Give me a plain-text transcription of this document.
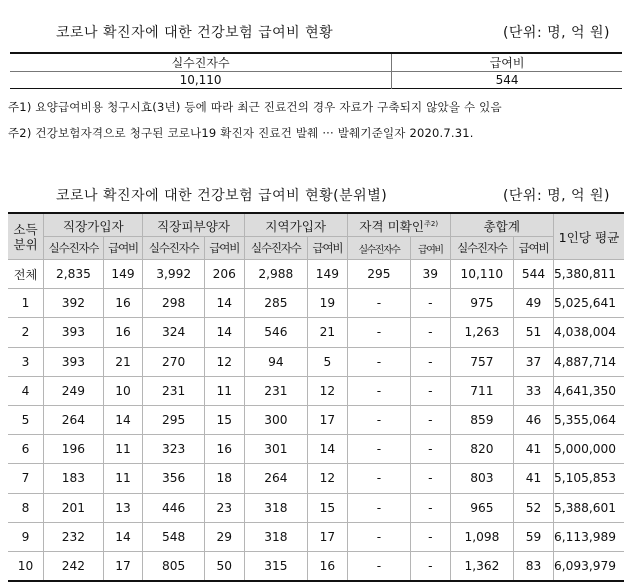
코로나 확진자에 대한 건강보험 급여비 현황	(단위: 명, 억 원)
실수진자수	급여비
10,110	544
주1) 요양급여비용 청구시효(3년) 등에 따라 최근 진료건의 경우 자료가 구축되지 않았을 수 있음
주2) 건강보험자격으로 청구된 코로나19 확진자 진료건 발췌 ··· 발췌기준일자 2020.7.31.
코로나 확진자에 대한 건강보험 급여비 현황(분위별)	(단위: 명, 억 원)
소득
분위	직장가입자		직장피부양자		지역가입자		자격 미확인$^{주2)}$		총합계		1인당 평균
	실수진자수	급여비	실수진자수	급여비	실수진자수	급여비	실수진자수	급여비	실수진자수	급여비	
전체	2,835	149	3,992	206	2,988	149	295	39	10,110	544	5,380,811
1	392	16	298	14	285	19	-	-	975	49	5,025,641
2	393	16	324	14	546	21	-	-	1,263	51	4,038,004
3	393	21	270	12	94	5	-	-	757	37	4,887,714
4	249	10	231	11	231	12	-	-	711	33	4,641,350
5	264	14	295	15	300	17	-	-	859	46	5,355,064
6	196	11	323	16	301	14	-	-	820	41	5,000,000
7	183	11	356	18	264	12	-	-	803	41	5,105,853
8	201	13	446	23	318	15	-	-	965	52	5,388,601
9	232	14	548	29	318	17	-	-	1,098	59	6,113,989
10	242	17	805	50	315	16	-	-	1,362	83	6,093,979
